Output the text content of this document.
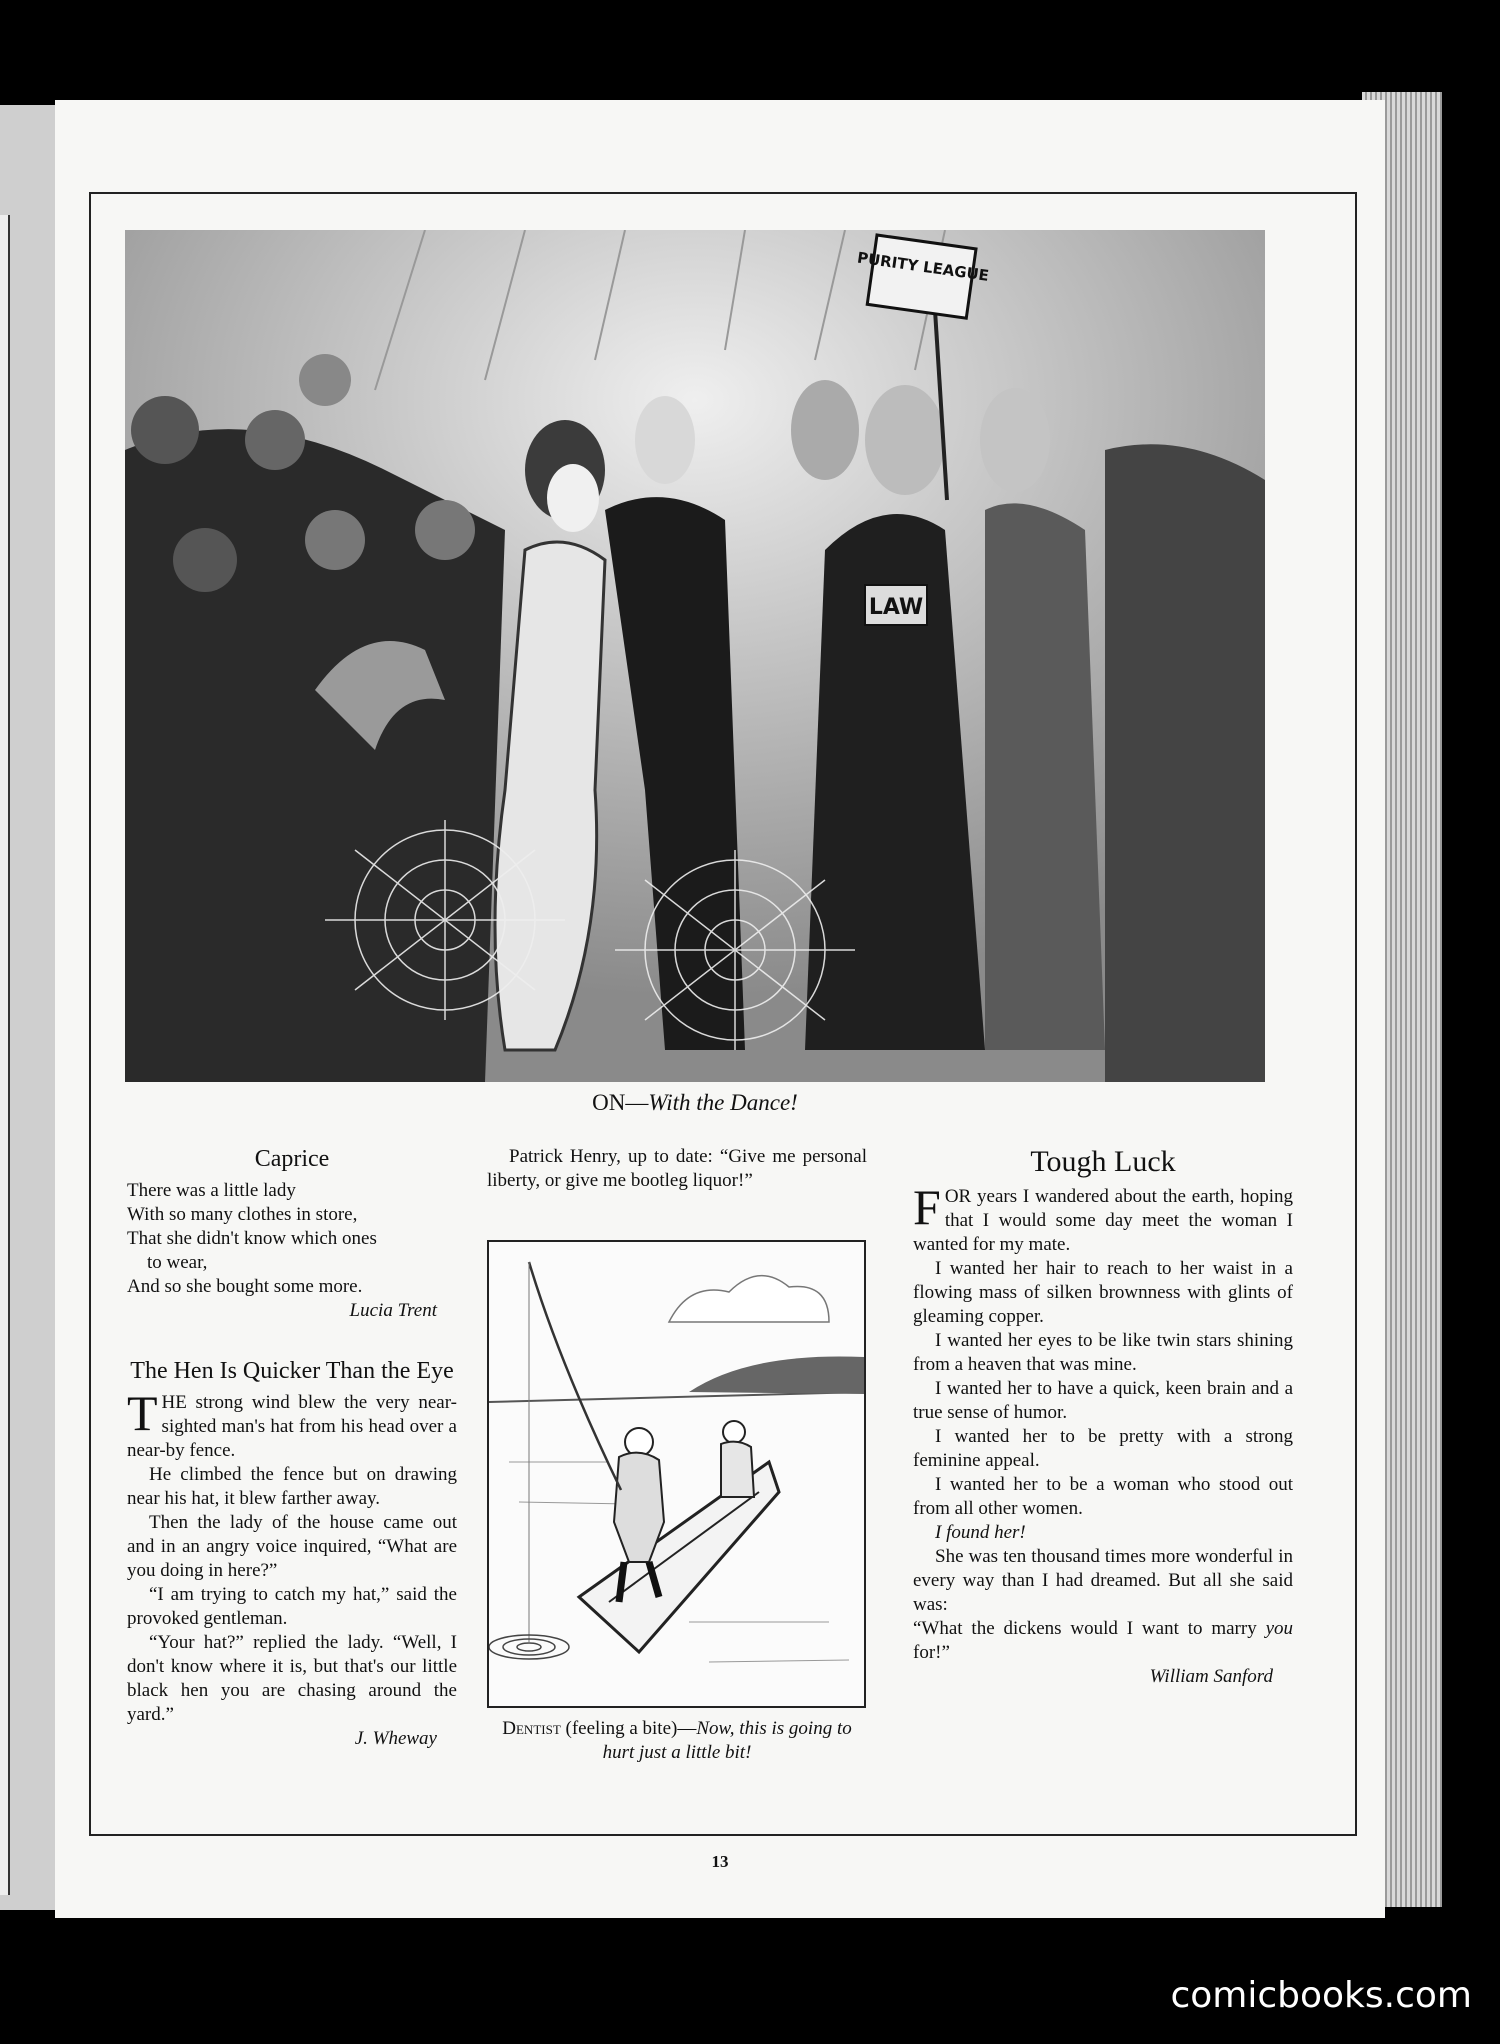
LAW
PURITY LEAGUE
ON—With the Dance!
Caprice
There was a little lady
With so many clothes in store,
That she didn't know which ones
to wear,
And so she bought some more.
Lucia Trent
The Hen Is Quicker Than the Eye

THE strong wind blew the very near-sighted man's hat from his head over a near-by fence.

He climbed the fence but on drawing near his hat, it blew farther away.

Then the lady of the house came out and in an angry voice inquired, “What are you doing in here?”

“I am trying to catch my hat,” said the provoked gentleman.

“Your hat?” replied the lady. “Well, I don't know where it is, but that's our little black hen you are chasing around the yard.”

J. Wheway

Patrick Henry, up to date: “Give me personal liberty, or give me bootleg liquor!”

Dentist (feeling a bite)—Now, this is going to hurt just a little bit!
Tough Luck

FOR years I wandered about the earth, hoping that I would some day meet the woman I wanted for my mate.

I wanted her hair to reach to her waist in a flowing mass of silken brownness with glints of gleaming copper.

I wanted her eyes to be like twin stars shining from a heaven that was mine.

I wanted her to have a quick, keen brain and a true sense of humor.

I wanted her to be pretty with a strong feminine appeal.

I wanted her to be a woman who stood out from all other women.

I found her!

She was ten thousand times more wonderful in every way than I had dreamed. But all she said was:

“What the dickens would I want to marry you for!”

William Sanford
13
comicbooks.com
